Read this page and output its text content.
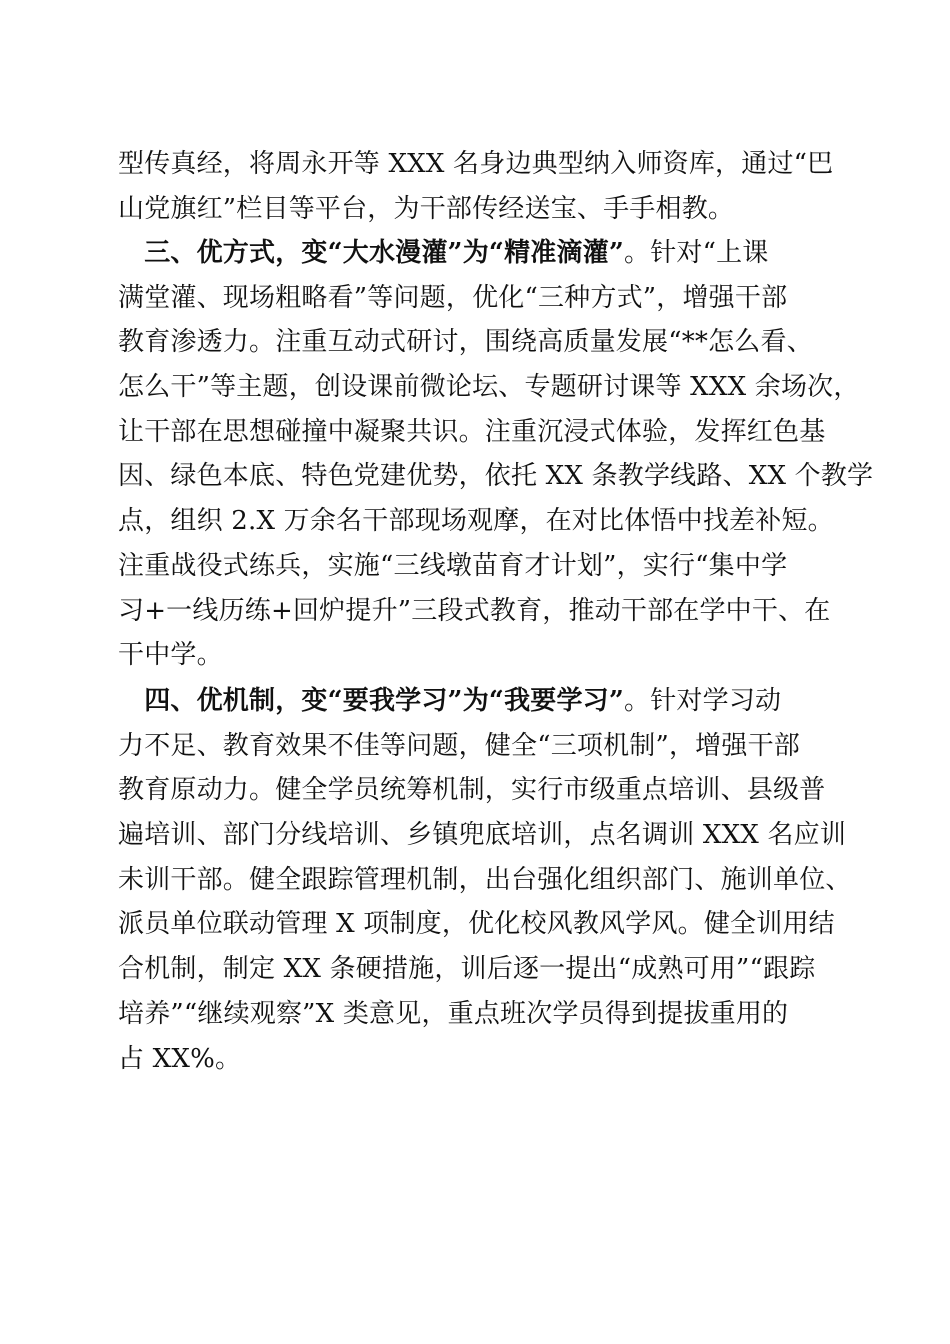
型传真经，将周永开等 XXX 名身边典型纳入师资库，通过“巴
山党旗红”栏目等平台，为干部传经送宝、手手相教。
 三、优方式，变“大水漫灌”为“精准滴灌”。针对“上课
满堂灌、现场粗略看”等问题，优化“三种方式”，增强干部
教育渗透力。注重互动式研讨，围绕高质量发展“**怎么看、
怎么干”等主题，创设课前微论坛、专题研讨课等 XXX 余场次，
让干部在思想碰撞中凝聚共识。注重沉浸式体验，发挥红色基
因、绿色本底、特色党建优势，依托 XX 条教学线路、XX 个教学
点，组织 2.X 万余名干部现场观摩，在对比体悟中找差补短。
注重战役式练兵，实施“三线墩苗育才计划”，实行“集中学
习+一线历练+回炉提升”三段式教育，推动干部在学中干、在
干中学。
 四、优机制，变“要我学习”为“我要学习”。针对学习动
力不足、教育效果不佳等问题，健全“三项机制”，增强干部
教育原动力。健全学员统筹机制，实行市级重点培训、县级普
遍培训、部门分线培训、乡镇兜底培训，点名调训 XXX 名应训
未训干部。健全跟踪管理机制，出台强化组织部门、施训单位、
派员单位联动管理 X 项制度，优化校风教风学风。健全训用结
合机制，制定 XX 条硬措施，训后逐一提出“成熟可用”“跟踪
培养”“继续观察”X 类意见，重点班次学员得到提拔重用的
占 XX%。
